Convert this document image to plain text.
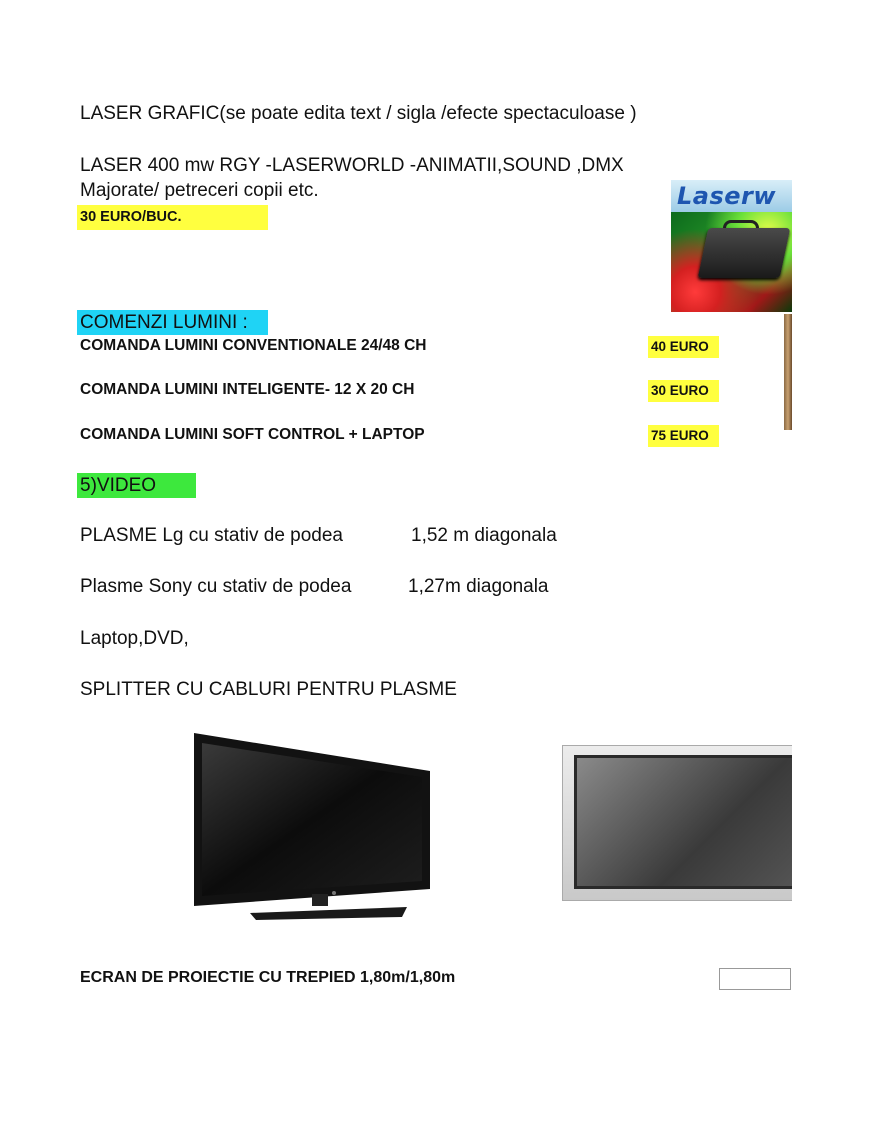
LASER GRAFIC(se poate edita text / sigla /efecte spectaculoase )
LASER 400 mw RGY -LASERWORLD -ANIMATII,SOUND ,DMX
Majorate/ petreceri copii etc.
30 EURO/BUC.
Laserw
COMENZI LUMINI :
COMANDA LUMINI CONVENTIONALE 24/48 CH	40 EURO
COMANDA LUMINI INTELIGENTE- 12 X 20 CH	30 EURO
COMANDA LUMINI SOFT CONTROL + LAPTOP	75 EURO
5)VIDEO
PLASME Lg cu stativ de podea	1,52 m diagonala
Plasme Sony cu stativ de podea	1,27m diagonala
Laptop,DVD,
SPLITTER CU CABLURI PENTRU PLASME
ECRAN DE PROIECTIE CU TREPIED 1,80m/1,80m
